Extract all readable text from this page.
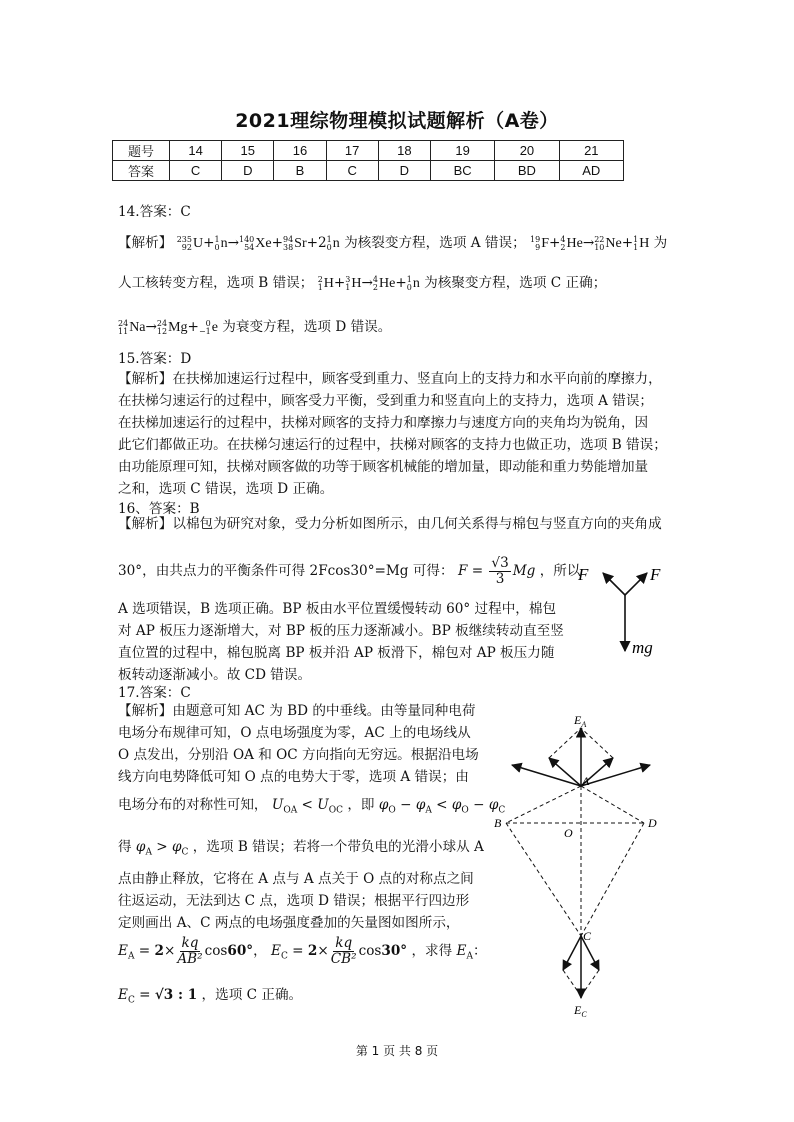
2021理综物理模拟试题解析（A卷）
题号	14	15	16	17	18	19	20	21
答案	C	D	B	C	D	BC	BD	AD
14.答案：C
【解析】 235
92 U + 1
0 n → 140
54 Xe + 94
38 Sr +2 1
0 n 为核裂变方程，选项 A 错误； 19
9 F + 4
2 He → 22
10 Ne + 1
1 H 为
人工核转变方程，选项 B 错误； 2
1 H + 3
1 H → 4
2 He + 1
0 n 为核聚变方程，选项 C 正确；
24
11 Na → 24
12 Mg + 0
−1 e 为衰变方程，选项 D 错误。
15.答案：D
【解析】在扶梯加速运行过程中，顾客受到重力、竖直向上的支持力和水平向前的摩擦力，
在扶梯匀速运行的过程中，顾客受力平衡，受到重力和竖直向上的支持力，选项 A 错误；
在扶梯加速运行的过程中，扶梯对顾客的支持力和摩擦力与速度方向的夹角均为锐角，因
此它们都做正功。在扶梯匀速运行的过程中，扶梯对顾客的支持力也做正功，选项 B 错误；
由功能原理可知，扶梯对顾客做的功等于顾客机械能的增加量，即动能和重力势能增加量
之和，选项 C 错误，选项 D 正确。
16、答案：B
【解析】以棉包为研究对象，受力分析如图所示，由几何关系得与棉包与竖直方向的夹角成
30°，由共点力的平衡条件可得 2Fcos30°=Mg 可得： $F = \frac{√3}{3}$ Mg ，所以
A 选项错误，B 选项正确。BP 板由水平位置缓慢转动 60° 过程中，棉包
对 AP 板压力逐渐增大，对 BP 板的压力逐渐减小。BP 板继续转动直至竖
直位置的过程中，棉包脱离 BP 板并沿 AP 板滑下，棉包对 AP 板压力随
板转动逐渐减小。故 CD 错误。
F	F
mg
17.答案：C
【解析】由题意可知 AC 为 BD 的中垂线。由等量同种电荷
电场分布规律可知，O 点电场强度为零，AC 上的电场线从
O 点发出，分别沿 OA 和 OC 方向指向无穷远。根据沿电场
线方向电势降低可知 O 点的电势大于零，选项 A 错误；由
电场分布的对称性可知， $U_{OA} < U_{OC}$ ，即 $\varphi_O - \varphi_A < \varphi_O - \varphi_C$
得 $\varphi_A > \varphi_C$ ，选项 B 错误；若将一个带负电的光滑小球从 A
点由静止释放，它将在 A 点与 A 点关于 O 点的对称点之间
往返运动，无法到达 C 点，选项 D 错误；根据平行四边形
定则画出 A、C 两点的电场强度叠加的矢量图如图所示，
$E_A = 2\times \frac{kq}{\text{AB²}} \cos 60^\circ$， $E_C = 2\times \frac{kq}{\text{CB²}} \cos 30^\circ$ ，求得 $E_A$：
$E_C = √3$ : 1 ，选项 C 正确。
$E_A$
A
B	D
O
C
$E_C$
第 1 页 共 8 页
